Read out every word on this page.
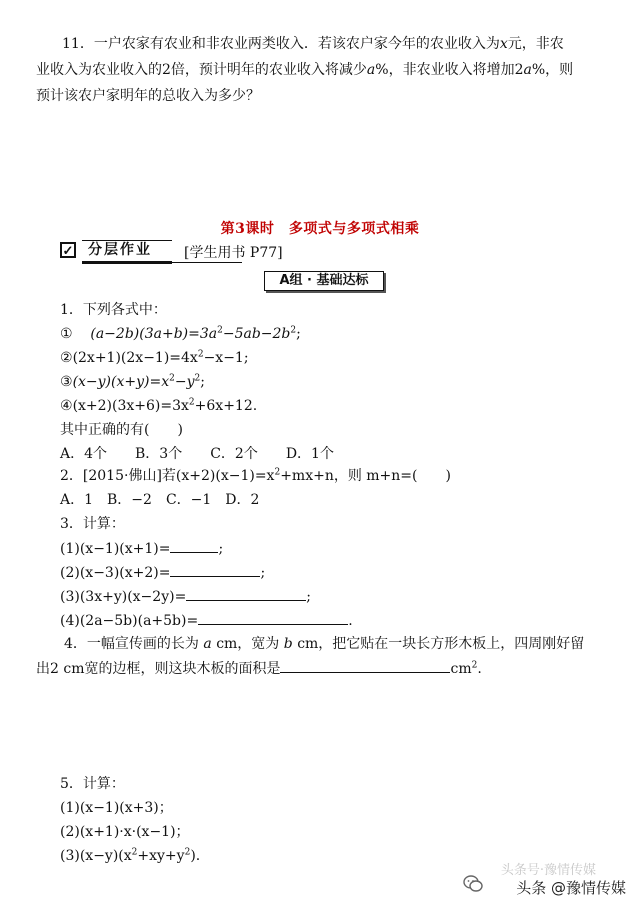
11．一户农家有农业和非农业两类收入．若该农户家今年的农业收入为x元，非农
业收入为农业收入的2倍，预计明年的农业收入将减少a%，非农业收入将增加2a%，则
预计该农户家明年的总收入为多少？
第3课时　多项式与多项式相乘
✓	分层作业	[学生用书 P77]
A组 · 基础达标
1．下列各式中：
① $(a-2b)(3a+b)=3a^2-5ab-2b^2$;
$②(2x+1)(2x-1)=4x^2-x-1$;
$③(x-y)(x+y)=x^2-y^2$;
$④(x+2)(3x+6)=3x^2+6x+12$.
其中正确的有(　　)
A．4个　　B．3个　　C．2个　　D．1个
2．[2015·佛山]若$(x+2)(x-1)=x^2+mx+n$，则 m+n=(　　)
A．1　B．−2　C．−1　D．2
3．计算：
(1)(x−1)(x+1)=	;
(2)(x−3)(x+2)=	;
(3)(3x+y)(x−2y)=	;
(4)(2a−5b)(a+5b)=	.
4．一幅宣传画的长为 a cm，宽为 b cm，把它贴在一块长方形木板上，四周刚好留
出2 cm宽的边框，则这块木板的面积是	$cm^2$.
5．计算：
(1)(x−1)(x+3)；
(2)(x+1)·x·(x−1)；
$(3)(x-y)(x^2+xy+y^2)$.
头条号·豫情传媒
头条 @豫情传媒
